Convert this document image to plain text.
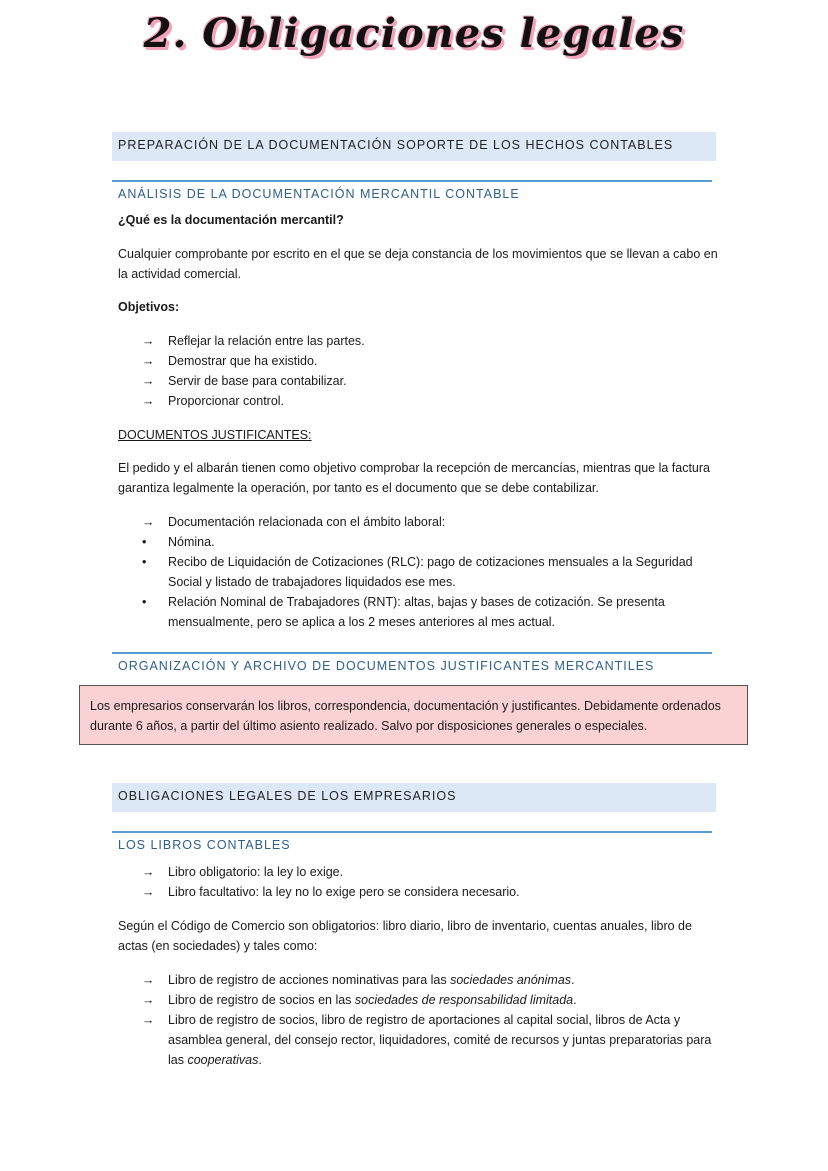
2. Obligaciones legales
PREPARACIÓN DE LA DOCUMENTACIÓN SOPORTE DE LOS HECHOS CONTABLES
ANÁLISIS DE LA DOCUMENTACIÓN MERCANTIL CONTABLE
¿Qué es la documentación mercantil?
Cualquier comprobante por escrito en el que se deja constancia de los movimientos que se llevan a cabo en la actividad comercial.
Objetivos:
→ Reflejar la relación entre las partes.
→ Demostrar que ha existido.
→ Servir de base para contabilizar.
→ Proporcionar control.
DOCUMENTOS JUSTIFICANTES:
El pedido y el albarán tienen como objetivo comprobar la recepción de mercancías, mientras que la factura garantiza legalmente la operación, por tanto es el documento que se debe contabilizar.
→ Documentación relacionada con el ámbito laboral:
• Nómina.
• Recibo de Liquidación de Cotizaciones (RLC): pago de cotizaciones mensuales a la Seguridad Social y listado de trabajadores liquidados ese mes.
• Relación Nominal de Trabajadores (RNT): altas, bajas y bases de cotización. Se presenta mensualmente, pero se aplica a los 2 meses anteriores al mes actual.
ORGANIZACIÓN Y ARCHIVO DE DOCUMENTOS JUSTIFICANTES MERCANTILES
Los empresarios conservarán los libros, correspondencia, documentación y justificantes. Debidamente ordenados durante 6 años, a partir del último asiento realizado. Salvo por disposiciones generales o especiales.
OBLIGACIONES LEGALES DE LOS EMPRESARIOS
LOS LIBROS CONTABLES
→ Libro obligatorio: la ley lo exige.
→ Libro facultativo: la ley no lo exige pero se considera necesario.
Según el Código de Comercio son obligatorios: libro diario, libro de inventario, cuentas anuales, libro de actas (en sociedades) y tales como:
→ Libro de registro de acciones nominativas para las sociedades anónimas.
→ Libro de registro de socios en las sociedades de responsabilidad limitada.
→ Libro de registro de socios, libro de registro de aportaciones al capital social, libros de Acta y asamblea general, del consejo rector, liquidadores, comité de recursos y juntas preparatorias para las cooperativas.
